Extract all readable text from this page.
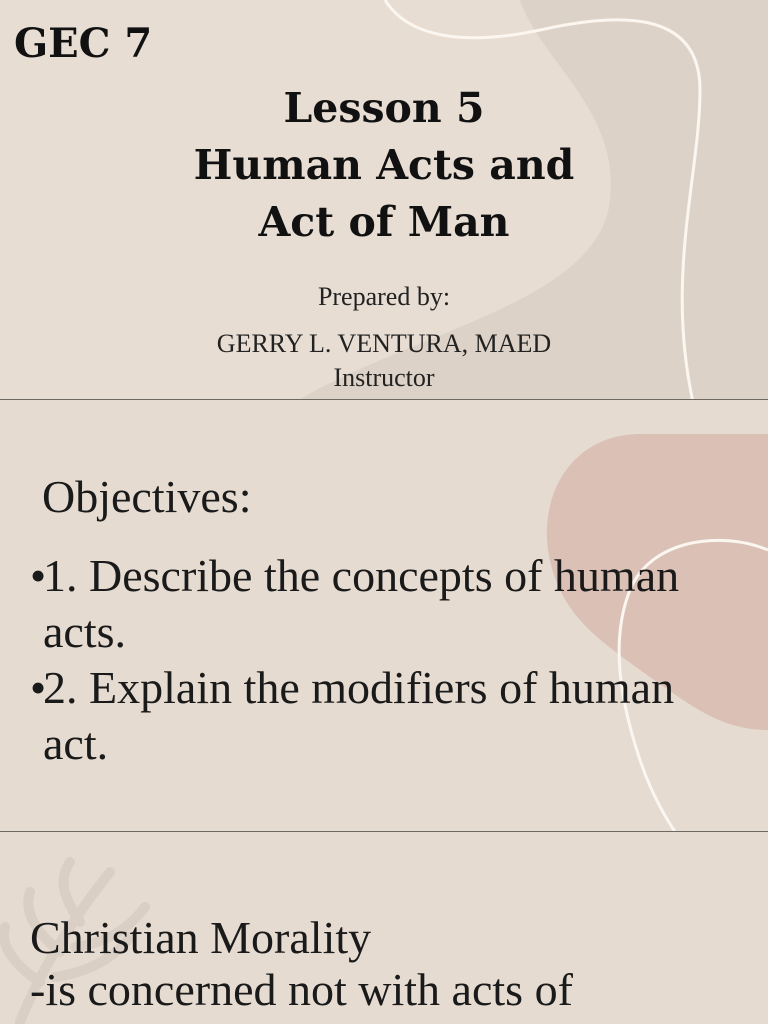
GEC 7
Lesson 5
Human Acts and
Act of Man
Prepared by:
GERRY L. VENTURA, MAED
Instructor
Objectives:
•1. Describe the concepts of human acts.
•2. Explain the modifiers of human act.
Christian Morality
-is concerned not with acts of
